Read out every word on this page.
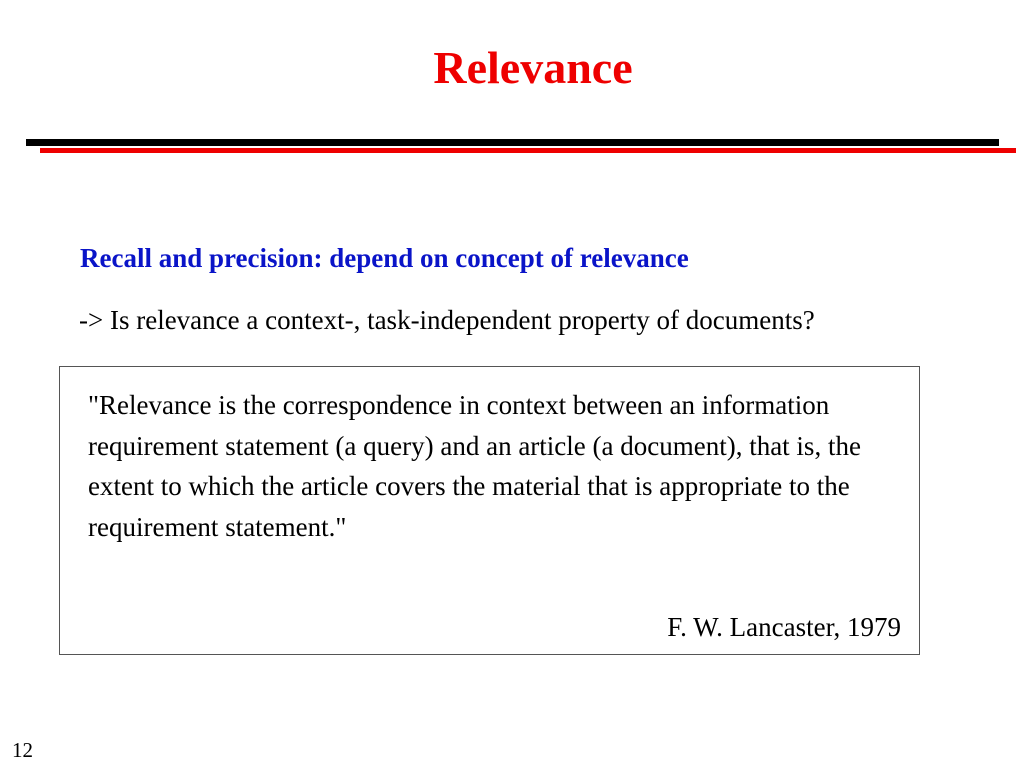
Relevance
Recall and precision: depend on concept of relevance
-> Is relevance a context-, task-independent property of documents?

"Relevance is the correspondence in context between an information requirement statement (a query) and an article (a document), that is, the extent to which the article covers the material that is appropriate to the requirement statement."

F. W. Lancaster, 1979
12
